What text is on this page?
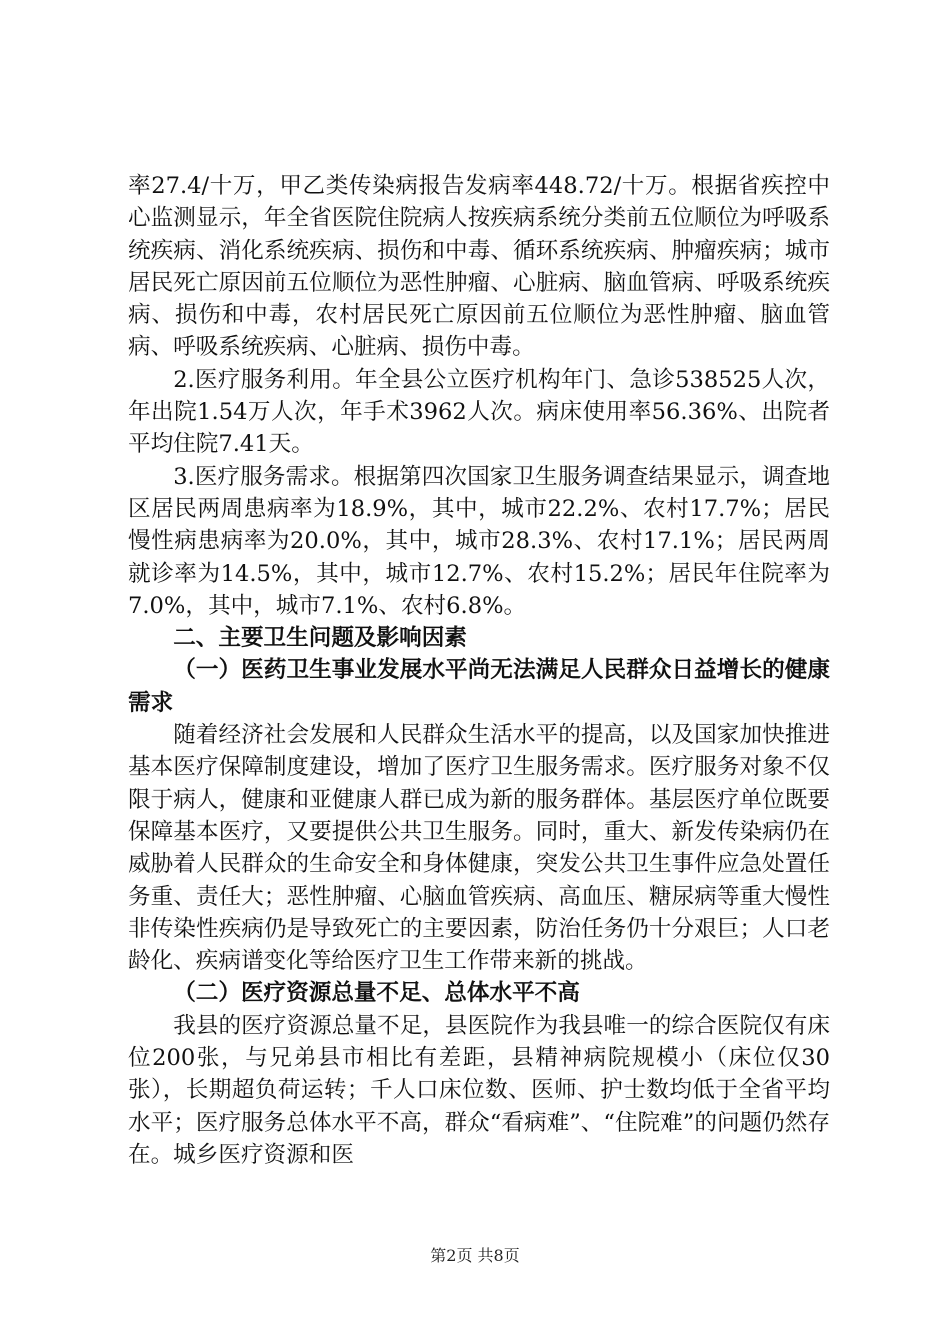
率27.4/十万，甲乙类传染病报告发病率448.72/十万。根据省疾控中心监测显示，年全省医院住院病人按疾病系统分类前五位顺位为呼吸系统疾病、消化系统疾病、损伤和中毒、循环系统疾病、肿瘤疾病；城市居民死亡原因前五位顺位为恶性肿瘤、心脏病、脑血管病、呼吸系统疾病、损伤和中毒，农村居民死亡原因前五位顺位为恶性肿瘤、脑血管病、呼吸系统疾病、心脏病、损伤中毒。

2.医疗服务利用。年全县公立医疗机构年门、急诊538525人次，年出院1.54万人次，年手术3962人次。病床使用率56.36%、出院者平均住院7.41天。

3.医疗服务需求。根据第四次国家卫生服务调查结果显示，调查地区居民两周患病率为18.9%，其中，城市22.2%、农村17.7%；居民慢性病患病率为20.0%，其中，城市28.3%、农村17.1%；居民两周就诊率为14.5%，其中，城市12.7%、农村15.2%；居民年住院率为7.0%，其中，城市7.1%、农村6.8%。

二、主要卫生问题及影响因素

（一）医药卫生事业发展水平尚无法满足人民群众日益增长的健康需求

随着经济社会发展和人民群众生活水平的提高，以及国家加快推进基本医疗保障制度建设，增加了医疗卫生服务需求。医疗服务对象不仅限于病人，健康和亚健康人群已成为新的服务群体。基层医疗单位既要保障基本医疗，又要提供公共卫生服务。同时，重大、新发传染病仍在威胁着人民群众的生命安全和身体健康，突发公共卫生事件应急处置任务重、责任大；恶性肿瘤、心脑血管疾病、高血压、糖尿病等重大慢性非传染性疾病仍是导致死亡的主要因素，防治任务仍十分艰巨；人口老龄化、疾病谱变化等给医疗卫生工作带来新的挑战。

（二）医疗资源总量不足、总体水平不高

我县的医疗资源总量不足，县医院作为我县唯一的综合医院仅有床位200张，与兄弟县市相比有差距，县精神病院规模小（床位仅30张），长期超负荷运转；千人口床位数、医师、护士数均低于全省平均水平；医疗服务总体水平不高，群众“看病难”、“住院难”的问题仍然存在。城乡医疗资源和医

第2页 共8页
